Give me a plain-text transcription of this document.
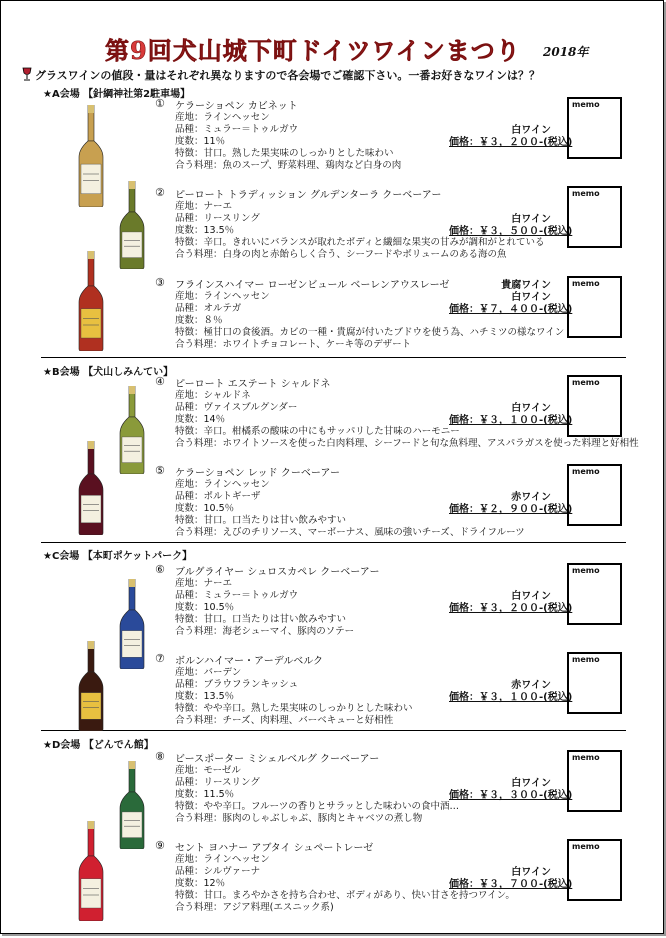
第9回犬山城下町ドイツワインまつり 2018年
グラスワインの値段・量はそれぞれ異なりますので各会場でご確認下さい。一番お好きなワインは？？
★A会場 【針綱神社第2駐車場】
★B会場 【犬山しみんてい】
★C会場 【本町ポケットパーク】
★D会場 【どんでん館】
① ケラーショペン カビネット
産地：ラインヘッセン
品種：ミュラー＝トゥルガウ
度数：11％
特徴：甘口。熟した果実味のしっかりとした味わい
合う料理：魚のスープ、野菜料理、鶏肉など白身の肉
白ワイン
価格：￥３，２００-(税込)
memo
② ピーロート トラディッション グルデンターラ クーベーアー
産地：ナーエ
品種：リースリング
度数：13.5％
特徴：辛口。きれいにバランスが取れたボディと繊細な果実の甘みが調和がとれている
合う料理：白身の肉と赤飴らしく合う、シーフードやボリュームのある海の魚
白ワイン
価格：￥３，５００-(税込)
memo
③ フラインスハイマー ローゼンビュール ベーレンアウスレーゼ
産地：ラインヘッセン
品種：オルテガ
度数：８％
特徴：極甘口の食後酒。カビの一種・貴腐が付いたブドウを使う為、ハチミツの様なワイン
合う料理：ホワイトチョコレート、ケーキ等のデザート
貴腐ワイン
白ワイン
価格：￥７，４００-(税込)
memo
④ ピーロート エステート シャルドネ
産地：シャルドネ
品種：ヴァイスブルグンダー
度数：14％
特徴：辛口。柑橘系の酸味の中にもサッパリした甘味のハーモニー
合う料理：ホワイトソースを使った白肉料理、シーフードと旬な魚料理、アスパラガスを使った料理と好相性
白ワイン
価格：￥３，１００-(税込)
memo
⑤ ケラーショペン レッド クーベーアー
産地：ラインヘッセン
品種：ポルトギーザ
度数：10.5％
特徴：甘口。口当たりは甘い飲みやすい
合う料理：えびのチリソース、マーボーナス、風味の強いチーズ、ドライフルーツ
赤ワイン
価格：￥２，９００-(税込)
memo
⑥ ブルグライヤー シュロスカペレ クーベーアー
産地：ナーエ
品種：ミュラー＝トゥルガウ
度数：10.5％
特徴：甘口。口当たりは甘い飲みやすい
合う料理：海老シューマイ、豚肉のソテー
白ワイン
価格：￥３，２００-(税込)
memo
⑦ ボルンハイマー・アーデルベルク
産地：バーデン
品種：ブラウフランキッシュ
度数：13.5％
特徴：やや辛口。熟した果実味のしっかりとした味わい
合う料理：チーズ、肉料理、バーベキューと好相性
赤ワイン
価格：￥３，１００-(税込)
memo
⑧ ビースポーター ミシェルベルグ クーベーアー
産地：モーゼル
品種：リースリング
度数：11.5％
特徴：やや辛口。フルーツの香りとサラッとした味わいの食中酒…
合う料理：豚肉のしゃぶしゃぶ、豚肉とキャベツの煮し物
白ワイン
価格：￥３，３００-(税込)
memo
⑨ セント ヨハナー アブタイ シュペートレーゼ
産地：ラインヘッセン
品種：シルヴァーナ
度数：12％
特徴：甘口。まろやかさを持ち合わせ、ボディがあり、快い甘さを持つワイン。
合う料理：アジア料理(エスニック系)
白ワイン
価格：￥３，７００-(税込)
memo
